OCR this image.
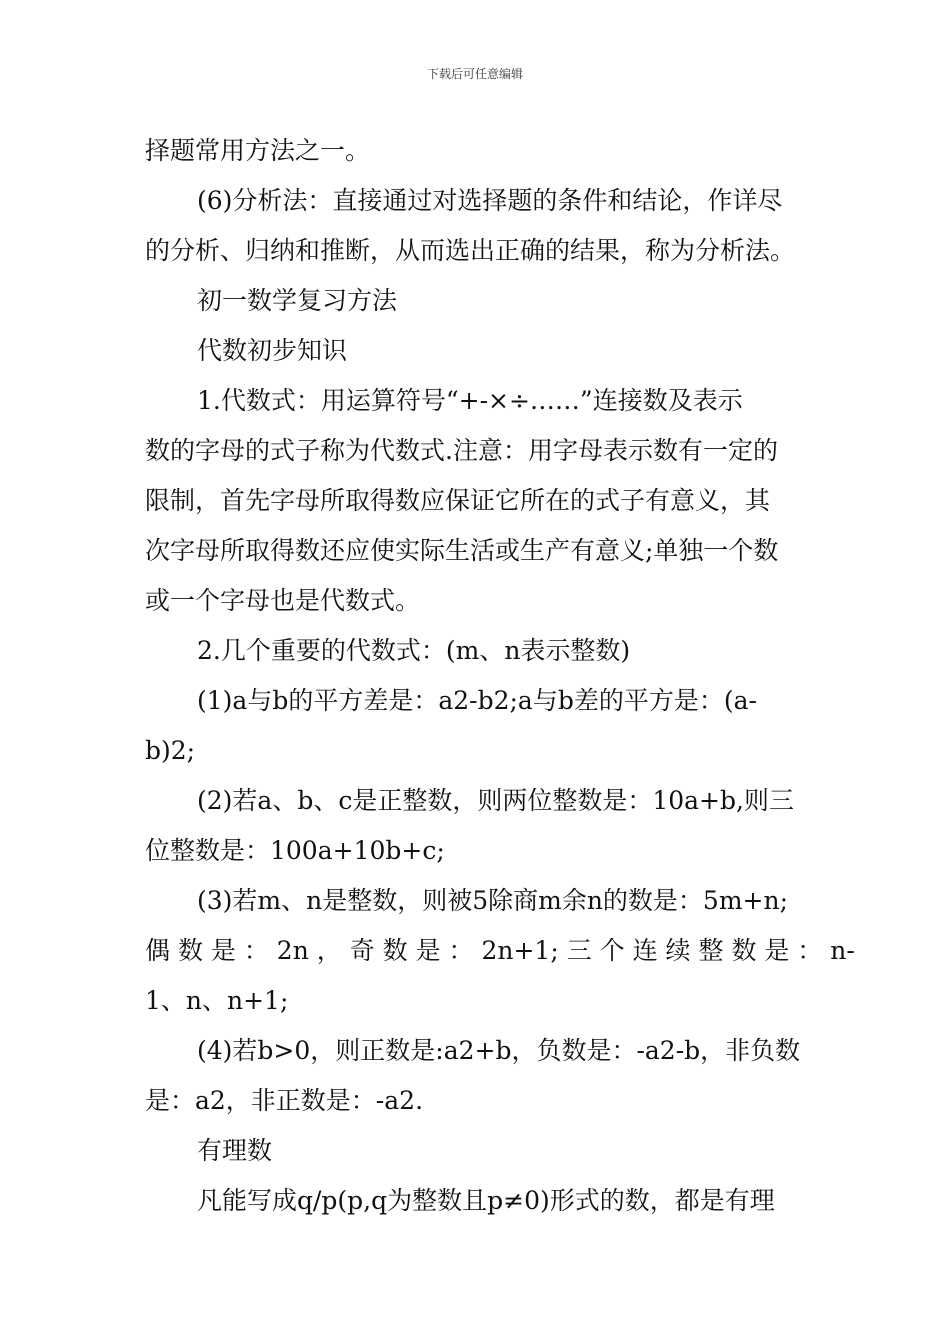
下载后可任意编辑
择题常用方法之一。
(6)分析法：直接通过对选择题的条件和结论，作详尽
的分析、归纳和推断，从而选出正确的结果，称为分析法。
初一数学复习方法
代数初步知识
1.代数式：用运算符号“+-×÷……”连接数及表示
数的字母的式子称为代数式.注意：用字母表示数有一定的
限制，首先字母所取得数应保证它所在的式子有意义，其
次字母所取得数还应使实际生活或生产有意义;单独一个数
或一个字母也是代数式。
2.几个重要的代数式：(m、n表示整数)
(1)a与b的平方差是：a2-b2;a与b差的平方是：(a-
b)2;
(2)若a、b、c是正整数，则两位整数是：10a+b,则三
位整数是：100a+10b+c;
(3)若m、n是整数，则被5除商m余n的数是：5m+n;
偶 数 是 ： 2n ， 奇 数 是 ： 2n+1; 三 个 连 续 整 数 是 ： n-
1、n、n+1;
(4)若b>0，则正数是:a2+b，负数是：-a2-b，非负数
是：a2，非正数是：-a2.
有理数
凡能写成q/p(p,q为整数且p≠0)形式的数，都是有理
